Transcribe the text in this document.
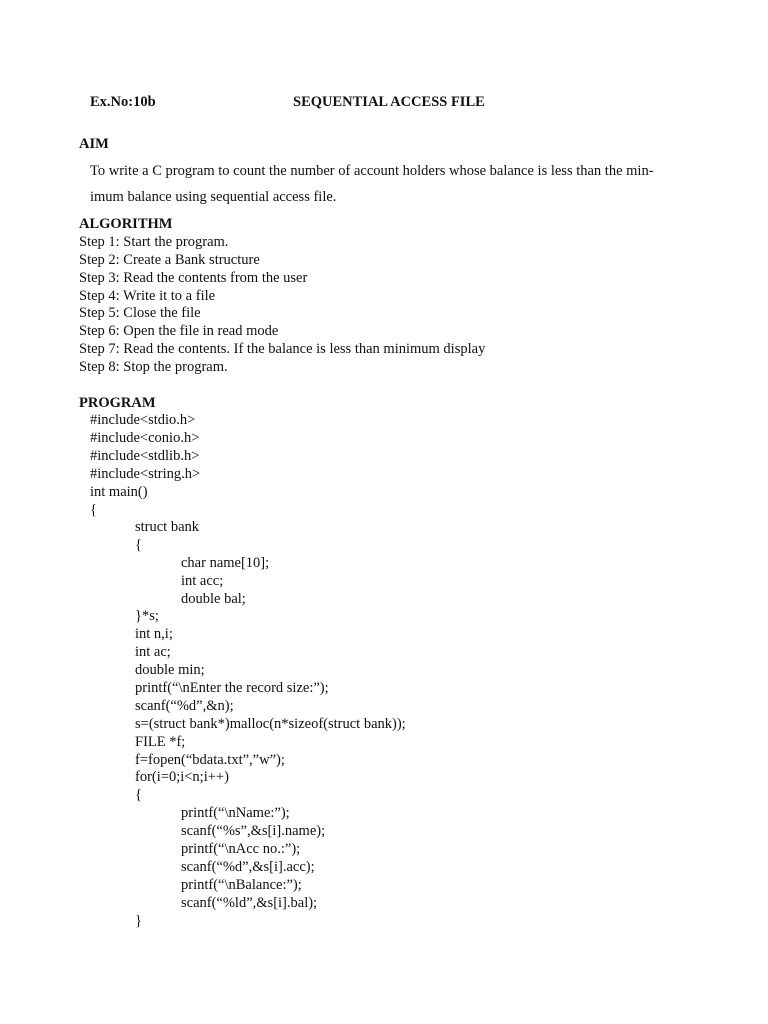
Ex.No:10b	SEQUENTIAL ACCESS FILE
AIM
To write a C program to count the number of account holders whose balance is less than the min-
imum balance using sequential access file.
ALGORITHM
Step 1: Start the program.
Step 2: Create a Bank structure
Step 3: Read the contents from the user
Step 4: Write it to a file
Step 5: Close the file
Step 6: Open the file in read mode
Step 7: Read the contents. If the balance is less than minimum display
Step 8: Stop the program.
PROGRAM
#include<stdio.h>
#include<conio.h>
#include<stdlib.h>
#include<string.h>
int main()
{
struct bank
{
char name[10];
int acc;
double bal;
}*s;
int n,i;
int ac;
double min;
printf(“\nEnter the record size:”);
scanf(“%d”,&n);
s=(struct bank*)malloc(n*sizeof(struct bank));
FILE *f;
f=fopen(“bdata.txt”,”w”);
for(i=0;i<n;i++)
{
printf(“\nName:”);
scanf(“%s”,&s[i].name);
printf(“\nAcc no.:”);
scanf(“%d”,&s[i].acc);
printf(“\nBalance:”);
scanf(“%ld”,&s[i].bal);
}
